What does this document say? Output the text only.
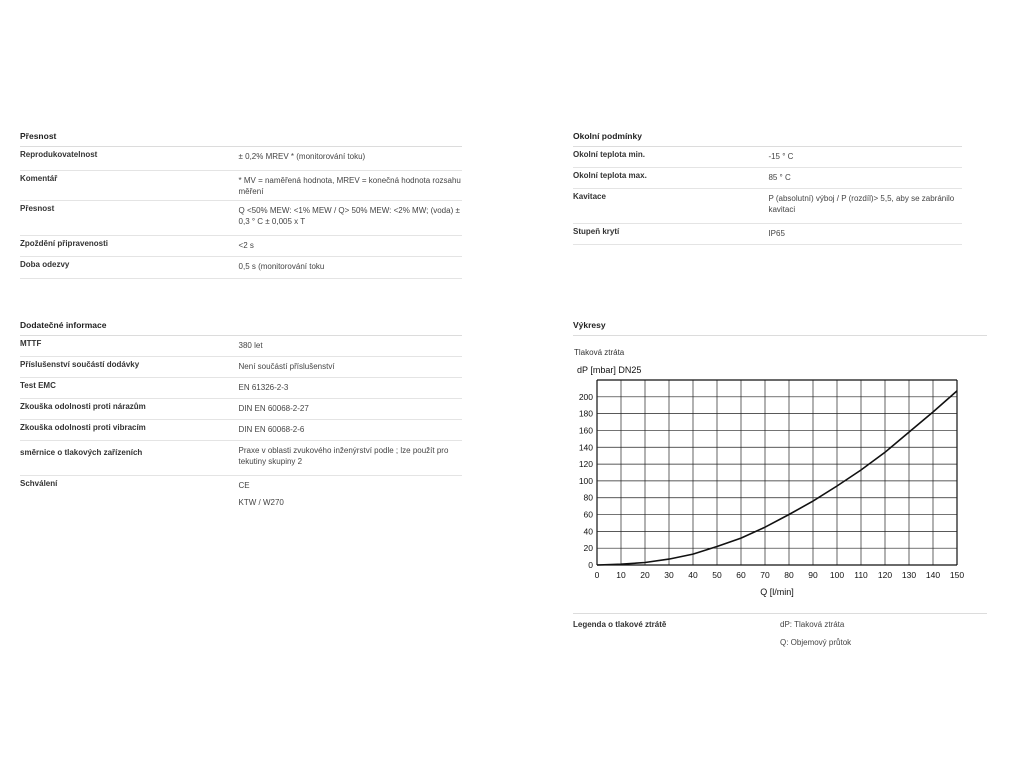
Přesnost
Reprodukovatelnost	± 0,2% MREV * (monitorování toku)
Komentář	* MV = naměřená hodnota, MREV = konečná hodnota rozsahu měření
Přesnost	Q <50% MEW: <1% MEW / Q> 50% MEW: <2% MW; (voda) ± 0,3 ° C ± 0,005 x T
Zpoždění připravenosti	<2 s
Doba odezvy	0,5 s (monitorování toku
Okolní podmínky
Okolní teplota min.	-15 ° C
Okolní teplota max.	85 ° C
Kavitace	P (absolutní) výboj / P (rozdíl)> 5,5, aby se zabránilo kavitaci
Stupeň krytí	IP65
Dodatečné informace
MTTF	380 let
Příslušenství součástí dodávky	Není součástí příslušenství
Test EMC	EN 61326-2-3
Zkouška odolnosti proti nárazům	DIN EN 60068-2-27
Zkouška odolnosti proti vibracím	DIN EN 60068-2-6
směrnice o tlakových zařízeních	Praxe v oblasti zvukového inženýrství podle ; lze použít pro tekutiny skupiny 2
Schválení	CE
KTW / W270
Výkresy
Tlaková ztráta
0 10 20 30 40 50 60 70 80 90 100 110 120 130 140 150
0
20
40
60
80
100
120
140
160
180
200
dP [mbar] DN25
Q [l/min]
Legenda o tlakové ztrátě	dP: Tlaková ztráta
Q: Objemový průtok
